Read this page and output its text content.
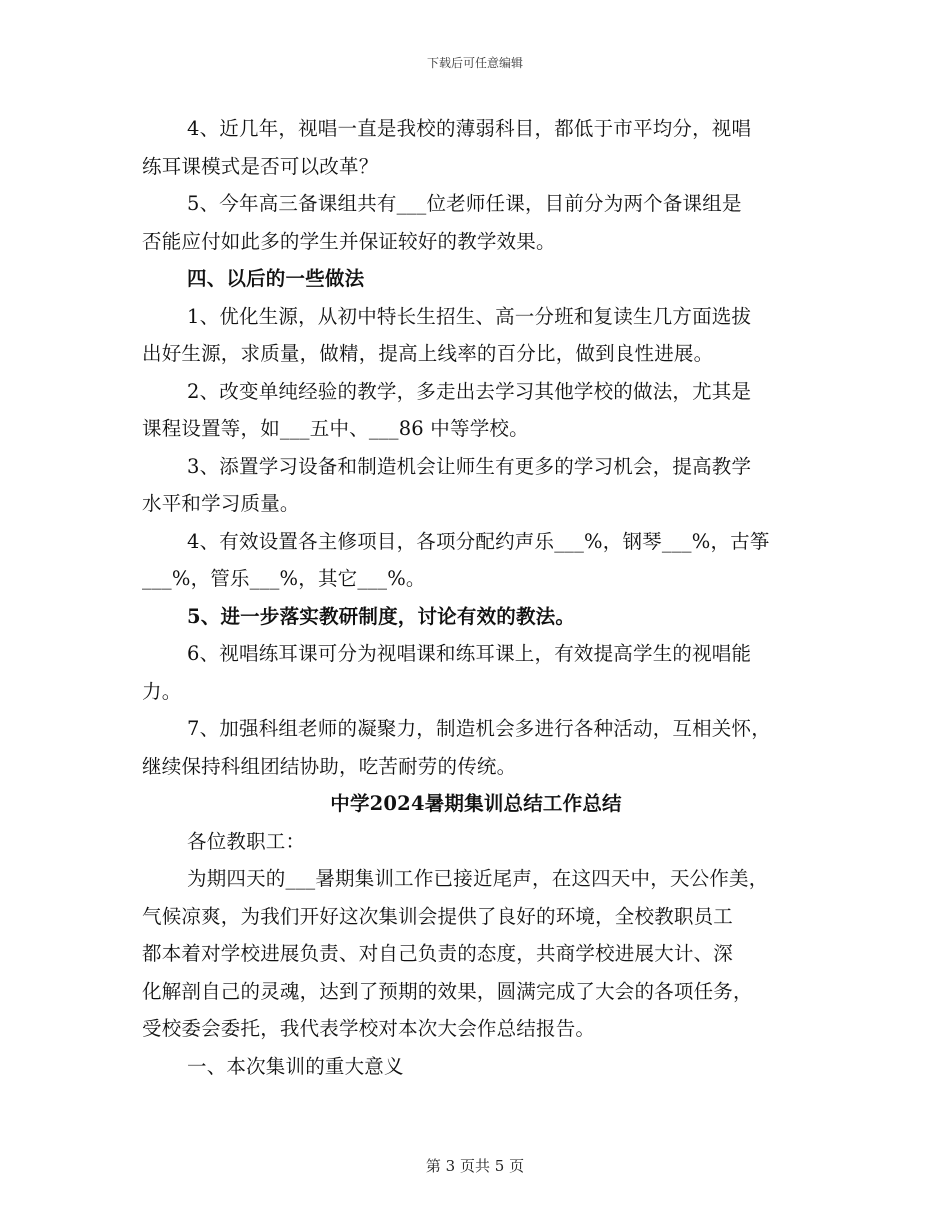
下载后可任意编辑
4、近几年，视唱一直是我校的薄弱科目，都低于市平均分，视唱
练耳课模式是否可以改革？
5、今年高三备课组共有___位老师任课，目前分为两个备课组是
否能应付如此多的学生并保证较好的教学效果。
四、以后的一些做法
1、优化生源，从初中特长生招生、高一分班和复读生几方面选拔
出好生源，求质量，做精，提高上线率的百分比，做到良性进展。
2、改变单纯经验的教学，多走出去学习其他学校的做法，尤其是
课程设置等，如___五中、___86 中等学校。
3、添置学习设备和制造机会让师生有更多的学习机会，提高教学
水平和学习质量。
4、有效设置各主修项目，各项分配约声乐___%，钢琴___%，古筝
___%，管乐___%，其它___%。
5、进一步落实教研制度，讨论有效的教法。
6、视唱练耳课可分为视唱课和练耳课上，有效提高学生的视唱能
力。
7、加强科组老师的凝聚力，制造机会多进行各种活动，互相关怀，
继续保持科组团结协助，吃苦耐劳的传统。
中学2024暑期集训总结工作总结
各位教职工：
为期四天的___暑期集训工作已接近尾声，在这四天中，天公作美，
气候凉爽，为我们开好这次集训会提供了良好的环境，全校教职员工
都本着对学校进展负责、对自己负责的态度，共商学校进展大计、深
化解剖自己的灵魂，达到了预期的效果，圆满完成了大会的各项任务，
受校委会委托，我代表学校对本次大会作总结报告。
一、本次集训的重大意义
第 3 页共 5 页
